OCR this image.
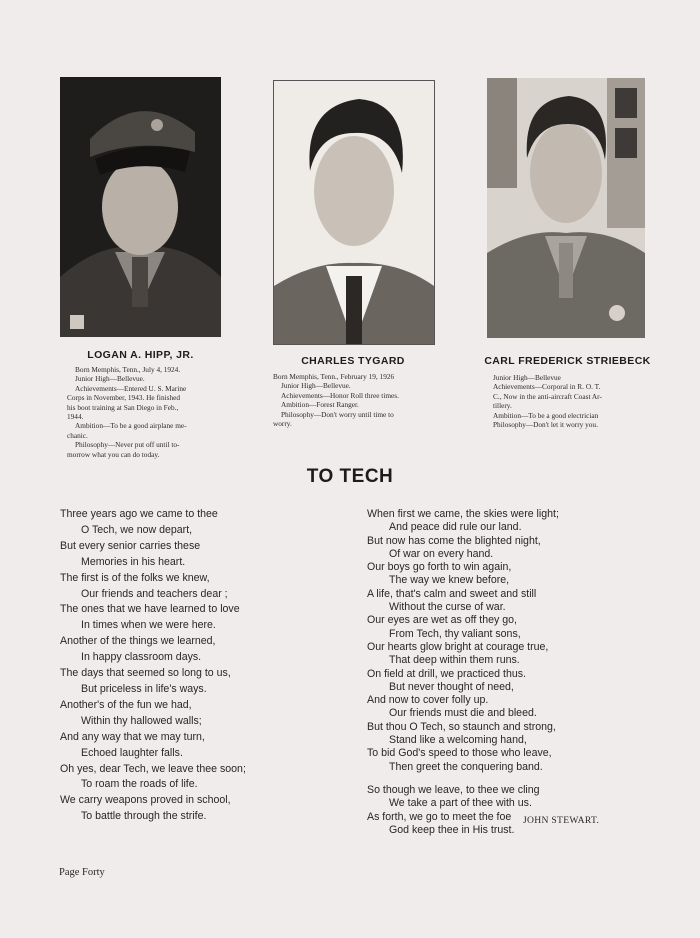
LOGAN A. HIPP, JR.	CHARLES TYGARD	CARL FREDERICK STRIEBECK
Born Memphis, Tenn., July 4, 1924.
Junior High—Bellevue.
Achievements—Entered U. S. Marine
Corps in November, 1943. He finished
his boot training at San Diego in Feb.,
1944.
Ambition—To be a good airplane me-
chanic.
Philosophy—Never put off until to-
morrow what you can do today.
Born Memphis, Tenn., February 19, 1926
Junior High—Bellevue.
Achievements—Honor Roll three times.
Ambition—Forest Ranger.
Philosophy—Don't worry until time to
worry.
Junior High—Bellevue
Achievements—Corporal in R. O. T.
C., Now in the anti-aircraft Coast Ar-
tillery.
Ambition—To be a good electrician
Philosophy—Don't let it worry you.
TO TECH
Three years ago we came to thee
O Tech, we now depart,
But every senior carries these
Memories in his heart.
The first is of the folks we knew,
Our friends and teachers dear ;
The ones that we have learned to love
In times when we were here.
Another of the things we learned,
In happy classroom days.
The days that seemed so long to us,
But priceless in life's ways.
Another's of the fun we had,
Within thy hallowed walls;
And any way that we may turn,
Echoed laughter falls.
Oh yes, dear Tech, we leave thee soon;
To roam the roads of life.
We carry weapons proved in school,
To battle through the strife.
When first we came, the skies were light;
And peace did rule our land.
But now has come the blighted night,
Of war on every hand.
Our boys go forth to win again,
The way we knew before,
A life, that's calm and sweet and still
Without the curse of war.
Our eyes are wet as off they go,
From Tech, thy valiant sons,
Our hearts glow bright at courage true,
That deep within them runs.
On field at drill, we practiced thus.
But never thought of need,
And now to cover folly up.
Our friends must die and bleed.
But thou O Tech, so staunch and strong,
Stand like a welcoming hand,
To bid God's speed to those who leave,
Then greet the conquering band.
So though we leave, to thee we cling
We take a part of thee with us.
As forth, we go to meet the foe
God keep thee in His trust.
JOHN STEWART.
Page Forty
